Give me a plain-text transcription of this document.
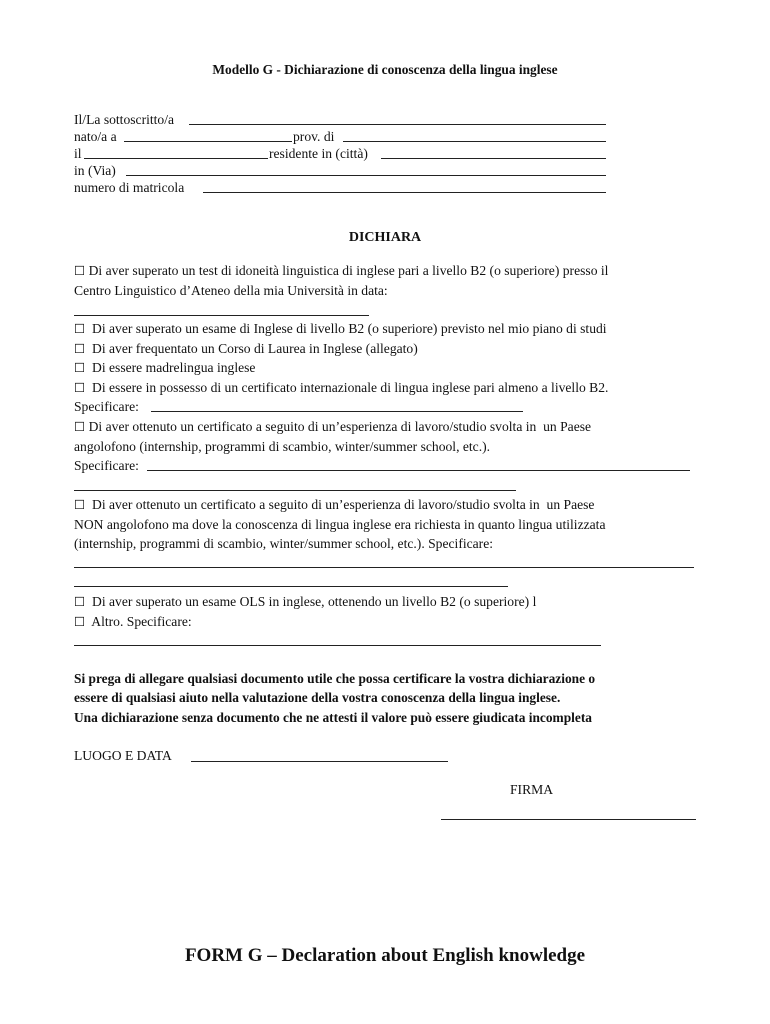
Modello G - Dichiarazione di conoscenza della lingua inglese
Il/La sottoscritto/a
nato/a a	prov. di
il	residente in (città)
in (Via)
numero di matricola
DICHIARA
☐ Di aver superato un test di idoneità linguistica di inglese pari a livello B2 (o superiore) presso il
Centro Linguistico d’Ateneo della mia Università in data:
☐  Di aver superato un esame di Inglese di livello B2 (o superiore) previsto nel mio piano di studi
☐  Di aver frequentato un Corso di Laurea in Inglese (allegato)
☐  Di essere madrelingua inglese
☐  Di essere in possesso di un certificato internazionale di lingua inglese pari almeno a livello B2.
Specificare:
☐ Di aver ottenuto un certificato a seguito di un’esperienza di lavoro/studio svolta in  un Paese
angolofono (internship, programmi di scambio, winter/summer school, etc.).
Specificare:
☐  Di aver ottenuto un certificato a seguito di un’esperienza di lavoro/studio svolta in  un Paese
NON angolofono ma dove la conoscenza di lingua inglese era richiesta in quanto lingua utilizzata
(internship, programmi di scambio, winter/summer school, etc.). Specificare:
☐  Di aver superato un esame OLS in inglese, ottenendo un livello B2 (o superiore) l
☐  Altro. Specificare:
Si prega di allegare qualsiasi documento utile che possa certificare la vostra dichiarazione o
essere di qualsiasi aiuto nella valutazione della vostra conoscenza della lingua inglese.
Una dichiarazione senza documento che ne attesti il valore può essere giudicata incompleta
LUOGO E DATA
FIRMA
FORM G – Declaration about English knowledge
